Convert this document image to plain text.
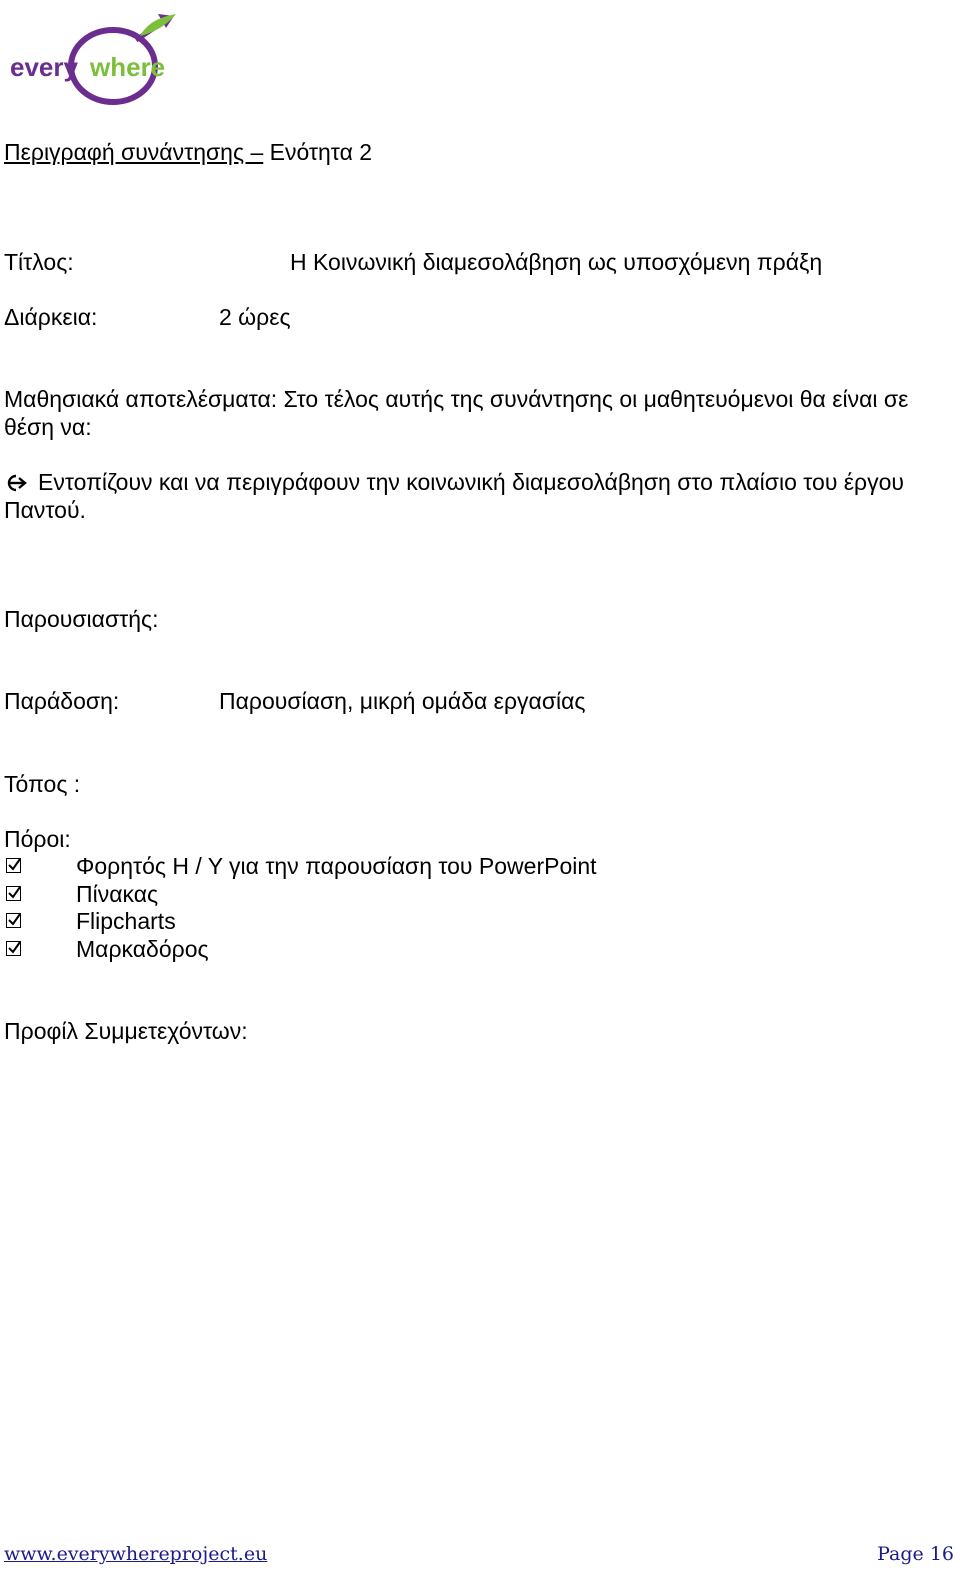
every where
Περιγραφή συνάντησης – Ενότητα 2
Τίτλος:	Η Κοινωνική διαμεσολάβηση ως υποσχόμενη πράξη
Διάρκεια:	2 ώρες
Μαθησιακά αποτελέσματα: Στο τέλος αυτής της συνάντησης οι μαθητευόμενοι θα είναι σε
θέση να:
Εντοπίζουν και να περιγράφουν την κοινωνική διαμεσολάβηση στο πλαίσιο του έργου
Παντού.
Παρουσιαστής:
Παράδοση:	Παρουσίαση, μικρή ομάδα εργασίας
Τόπος :
Πόροι:
Φορητός Η / Υ για την παρουσίαση του PowerPoint
Πίνακας
Flipcharts
Μαρκαδόρος
Προφίλ Συμμετεχόντων:
www.everywhereproject.eu	Page 16
